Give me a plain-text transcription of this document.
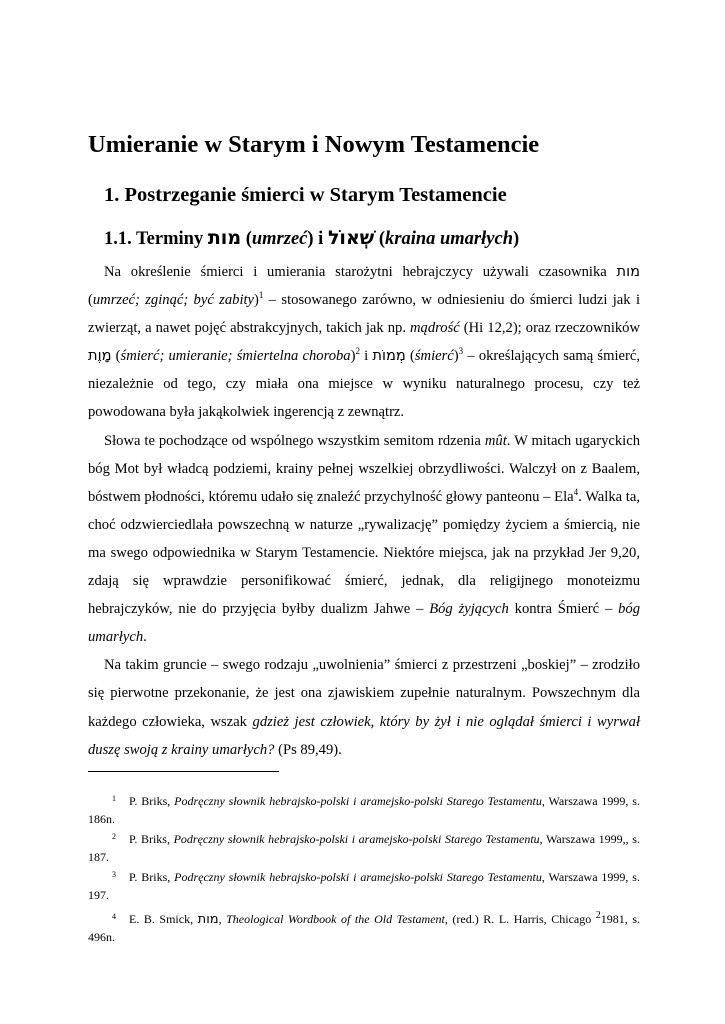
Umieranie w Starym i Nowym Testamencie
1. Postrzeganie śmierci w Starym Testamencie
1.1. Terminy מות (umrzeć) i שְׁאוֹל (kraina umarłych)

Na określenie śmierci i umierania starożytni hebrajczycy używali czasownika מות (umrzeć; zginąć; być zabity)$^1$ – stosowanego zarówno, w odniesieniu do śmierci ludzi jak i zwierząt, a nawet pojęć abstrakcyjnych, takich jak np. mądrość (Hi 12,2); oraz rzeczowników מָוֶת (śmierć; umieranie; śmiertelna choroba)$^2$ i מְמוֹת (śmierć)$^3$ – określających samą śmierć, niezależnie od tego, czy miała ona miejsce w wyniku naturalnego procesu, czy też powodowana była jakąkolwiek ingerencją z zewnątrz.

Słowa te pochodzące od wspólnego wszystkim semitom rdzenia mût. W mitach ugaryckich bóg Mot był władcą podziemi, krainy pełnej wszelkiej obrzydliwości. Walczył on z Baalem, bóstwem płodności, któremu udało się znaleźć przychylność głowy panteonu – Ela$^4$. Walka ta, choć odzwierciedlała powszechną w naturze „rywalizację” pomiędzy życiem a śmiercią, nie ma swego odpowiednika w Starym Testamencie. Niektóre miejsca, jak na przykład Jer 9,20, zdają się wprawdzie personifikować śmierć, jednak, dla religijnego monoteizmu hebrajczyków, nie do przyjęcia byłby dualizm Jahwe – Bóg żyjących kontra Śmierć – bóg umarłych.

Na takim gruncie – swego rodzaju „uwolnienia” śmierci z przestrzeni „boskiej” – zrodziło się pierwotne przekonanie, że jest ona zjawiskiem zupełnie naturalnym. Powszechnym dla każdego człowieka, wszak gdzież jest człowiek, który by żył i nie oglądał śmierci i wyrwał duszę swoją z krainy umarłych? (Ps 89,49).

1 P. Briks, Podręczny słownik hebrajsko-polski i aramejsko-polski Starego Testamentu, Warszawa 1999, s. 186n.
2 P. Briks, Podręczny słownik hebrajsko-polski i aramejsko-polski Starego Testamentu, Warszawa 1999,, s. 187.
3 P. Briks, Podręczny słownik hebrajsko-polski i aramejsko-polski Starego Testamentu, Warszawa 1999, s. 197.
4 E. B. Smick, מות, Theological Wordbook of the Old Testament, (red.) R. L. Harris, Chicago $^2$1981, s. 496n.
